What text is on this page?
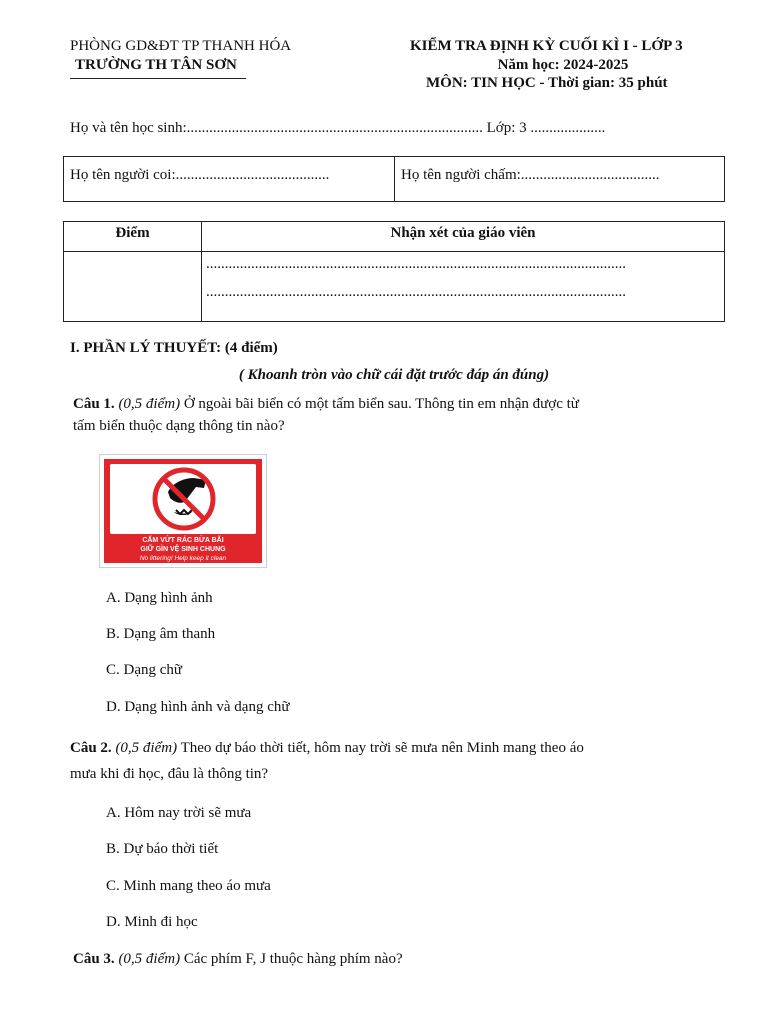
PHÒNG GD&ĐT TP THANH HÓA
TRƯỜNG TH TÂN SƠN
KIỂM TRA ĐỊNH KỲ CUỐI KÌ I - LỚP 3
Năm học: 2024-2025
MÔN: TIN HỌC - Thời gian: 35 phút
Họ và tên học sinh:............................................................................... Lớp: 3 ....................
Họ tên người coi:.........................................	Họ tên người chấm:.....................................
Điểm	Nhận xét của giáo viên

	................................................................................................................
................................................................................................................
I. PHẦN LÝ THUYẾT: (4 điểm)
( Khoanh tròn vào chữ cái đặt trước đáp án đúng)
Câu 1. (0,5 điểm) Ở ngoài bãi biển có một tấm biển sau. Thông tin em nhận được từ
tấm biển thuộc dạng thông tin nào?
CẤM VỨT RÁC BỪA BÃI
GIỮ GÌN VỆ SINH CHUNG
No littering! Help keep it clean
A. Dạng hình ảnh
B. Dạng âm thanh
C. Dạng chữ
D. Dạng hình ảnh và dạng chữ
Câu 2. (0,5 điểm) Theo dự báo thời tiết, hôm nay trời sẽ mưa nên Minh mang theo áo
mưa khi đi học, đâu là thông tin?
A. Hôm nay trời sẽ mưa
B. Dự báo thời tiết
C. Minh mang theo áo mưa
D. Minh đi học
Câu 3. (0,5 điểm) Các phím F, J thuộc hàng phím nào?
